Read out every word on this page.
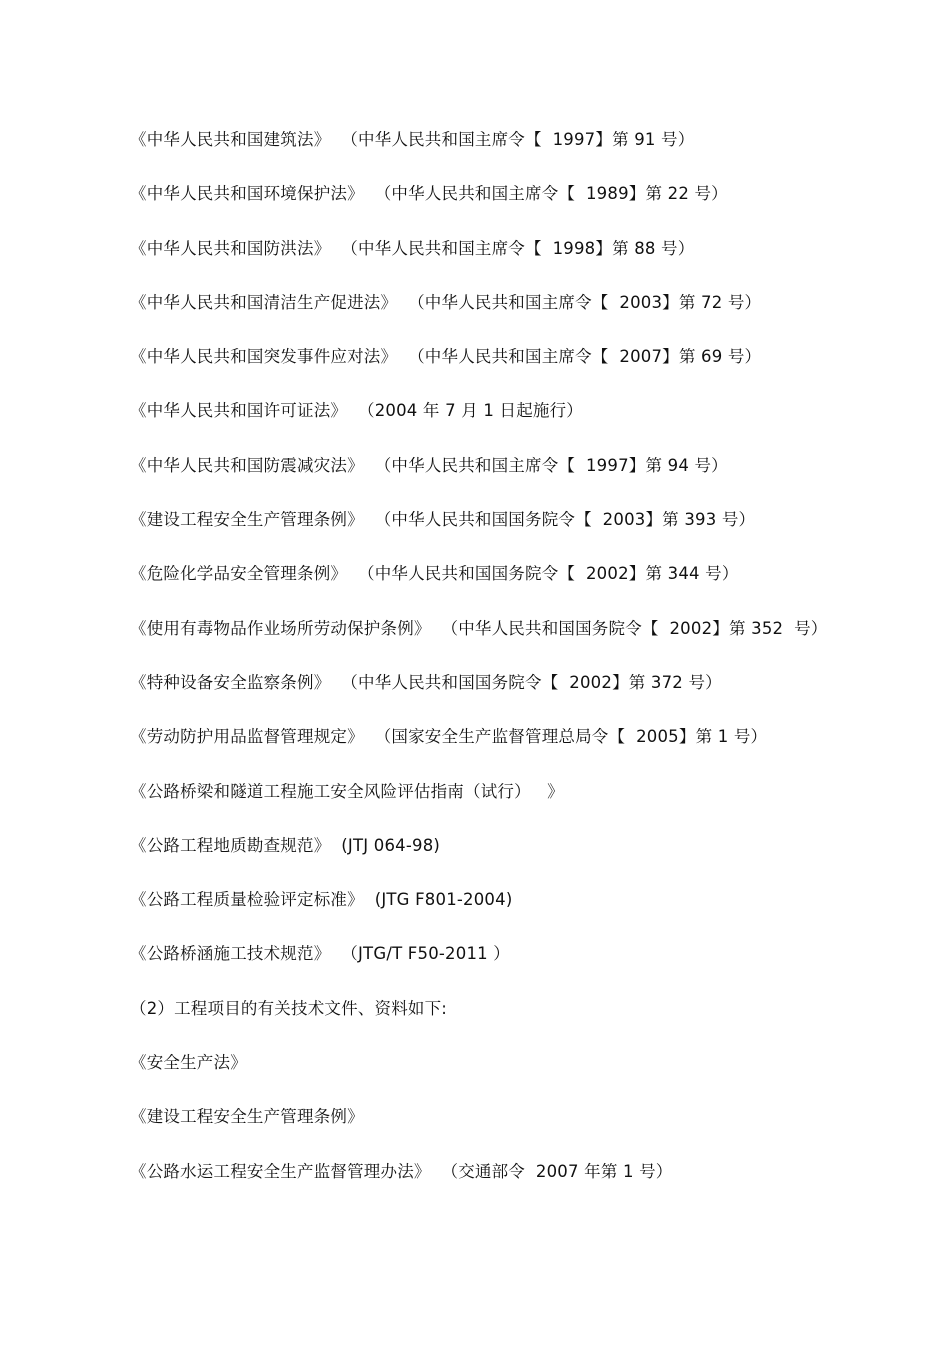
《中华人民共和国建筑法》  （中华人民共和国主席令【  1997】第 91 号）
《中华人民共和国环境保护法》  （中华人民共和国主席令【  1989】第 22 号）
《中华人民共和国防洪法》  （中华人民共和国主席令【  1998】第 88 号）
《中华人民共和国清洁生产促进法》  （中华人民共和国主席令【  2003】第 72 号）
《中华人民共和国突发事件应对法》  （中华人民共和国主席令【  2007】第 69 号）
《中华人民共和国许可证法》  （2004 年 7 月 1 日起施行）
《中华人民共和国防震减灾法》  （中华人民共和国主席令【  1997】第 94 号）
《建设工程安全生产管理条例》  （中华人民共和国国务院令【  2003】第 393 号）
《危险化学品安全管理条例》  （中华人民共和国国务院令【  2002】第 344 号）
《使用有毒物品作业场所劳动保护条例》  （中华人民共和国国务院令【  2002】第 352  号）
《特种设备安全监察条例》  （中华人民共和国国务院令【  2002】第 372 号）
《劳动防护用品监督管理规定》  （国家安全生产监督管理总局令【  2005】第 1 号）
《公路桥梁和隧道工程施工安全风险评估指南（试行）   》
《公路工程地质勘查规范》  (JTJ 064-98)
《公路工程质量检验评定标准》  (JTG F801-2004)
《公路桥涵施工技术规范》  （JTG/T F50-2011 ）
（2）工程项目的有关技术文件、资料如下:
《安全生产法》
《建设工程安全生产管理条例》
《公路水运工程安全生产监督管理办法》  （交通部令  2007 年第 1 号）
